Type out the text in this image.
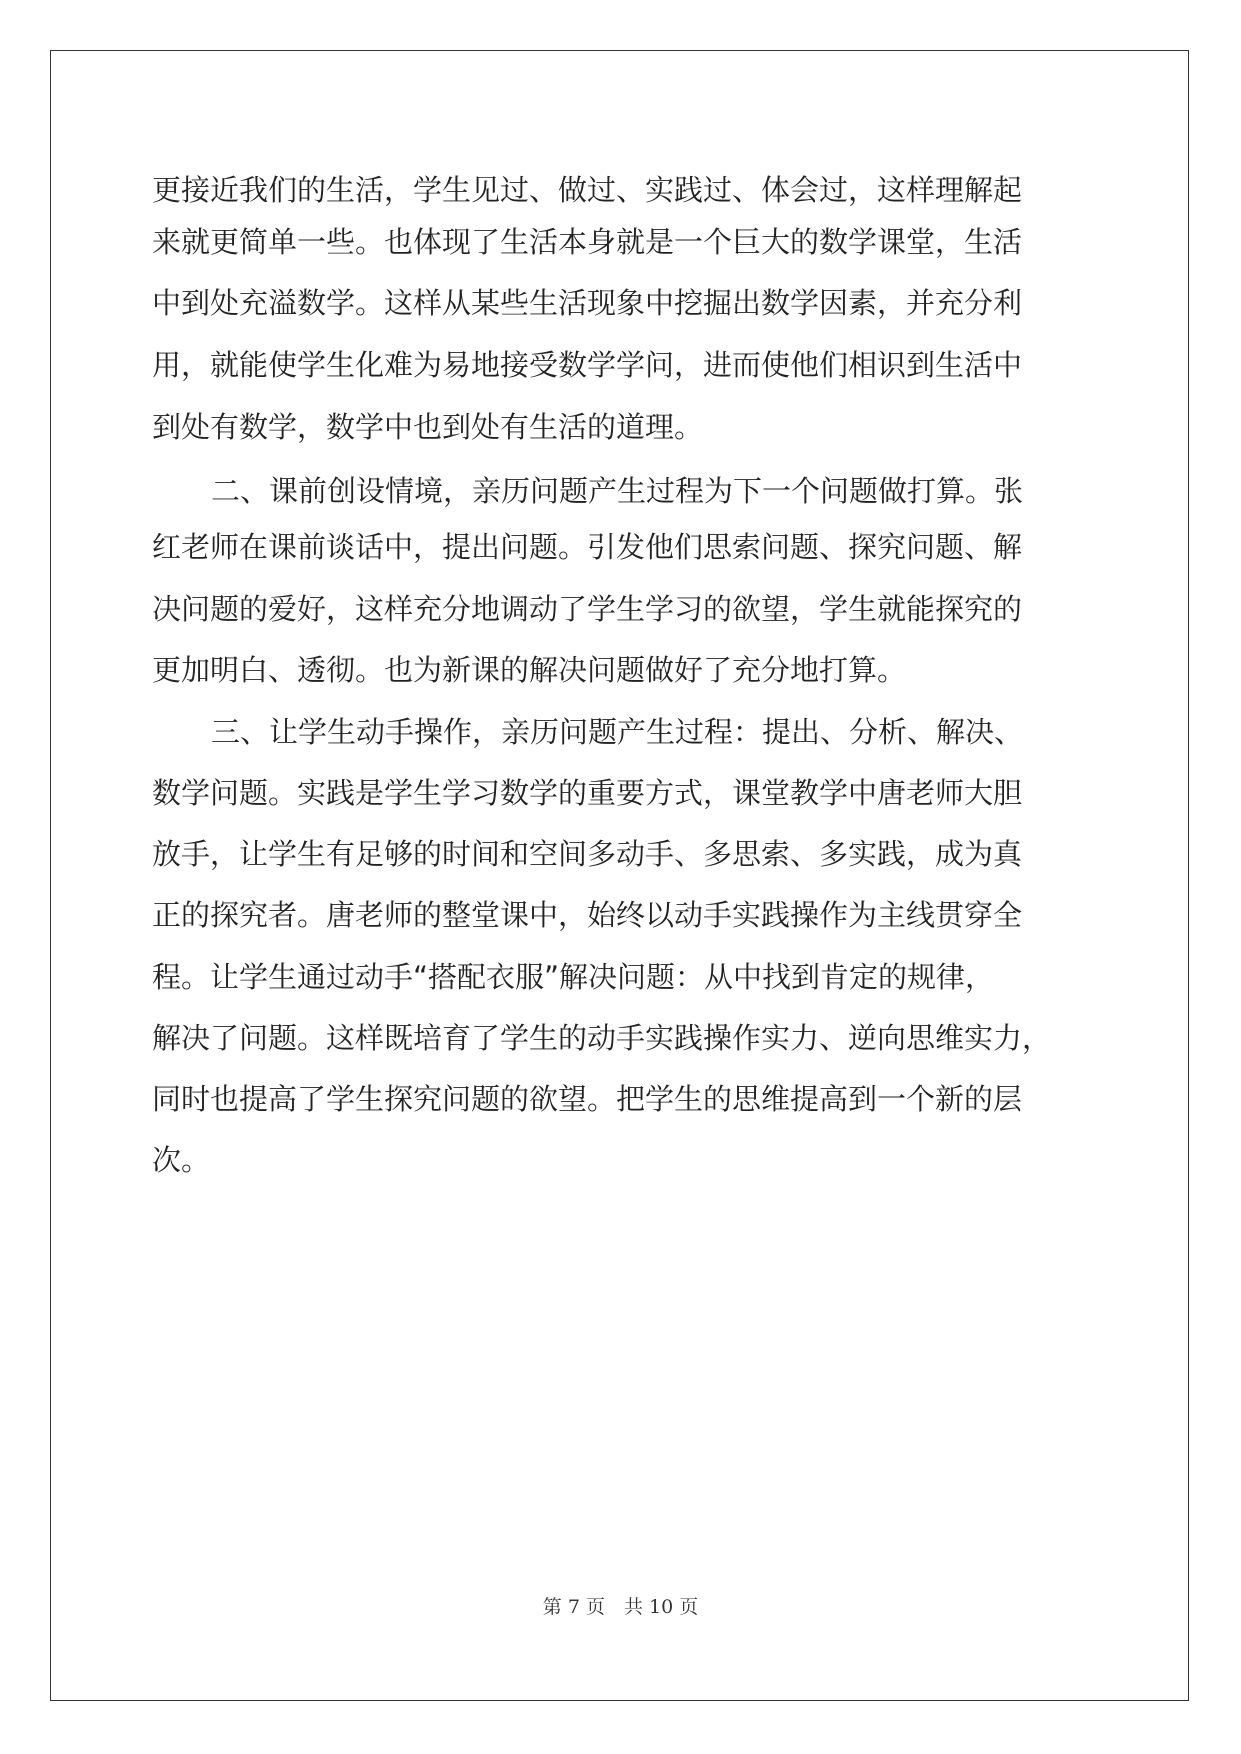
更接近我们的生活，学生见过、做过、实践过、体会过，这样理解起
来就更简单一些。也体现了生活本身就是一个巨大的数学课堂，生活
中到处充溢数学。这样从某些生活现象中挖掘出数学因素，并充分利
用，就能使学生化难为易地接受数学学问，进而使他们相识到生活中
到处有数学，数学中也到处有生活的道理。
二、课前创设情境，亲历问题产生过程为下一个问题做打算。张
红老师在课前谈话中，提出问题。引发他们思索问题、探究问题、解
决问题的爱好，这样充分地调动了学生学习的欲望，学生就能探究的
更加明白、透彻。也为新课的解决问题做好了充分地打算。
三、让学生动手操作，亲历问题产生过程：提出、分析、解决、
数学问题。实践是学生学习数学的重要方式，课堂教学中唐老师大胆
放手，让学生有足够的时间和空间多动手、多思索、多实践，成为真
正的探究者。唐老师的整堂课中，始终以动手实践操作为主线贯穿全
程。让学生通过动手“搭配衣服”解决问题：从中找到肯定的规律，
解决了问题。这样既培育了学生的动手实践操作实力、逆向思维实力，
同时也提高了学生探究问题的欲望。把学生的思维提高到一个新的层
次。
第 7 页　共 10 页
